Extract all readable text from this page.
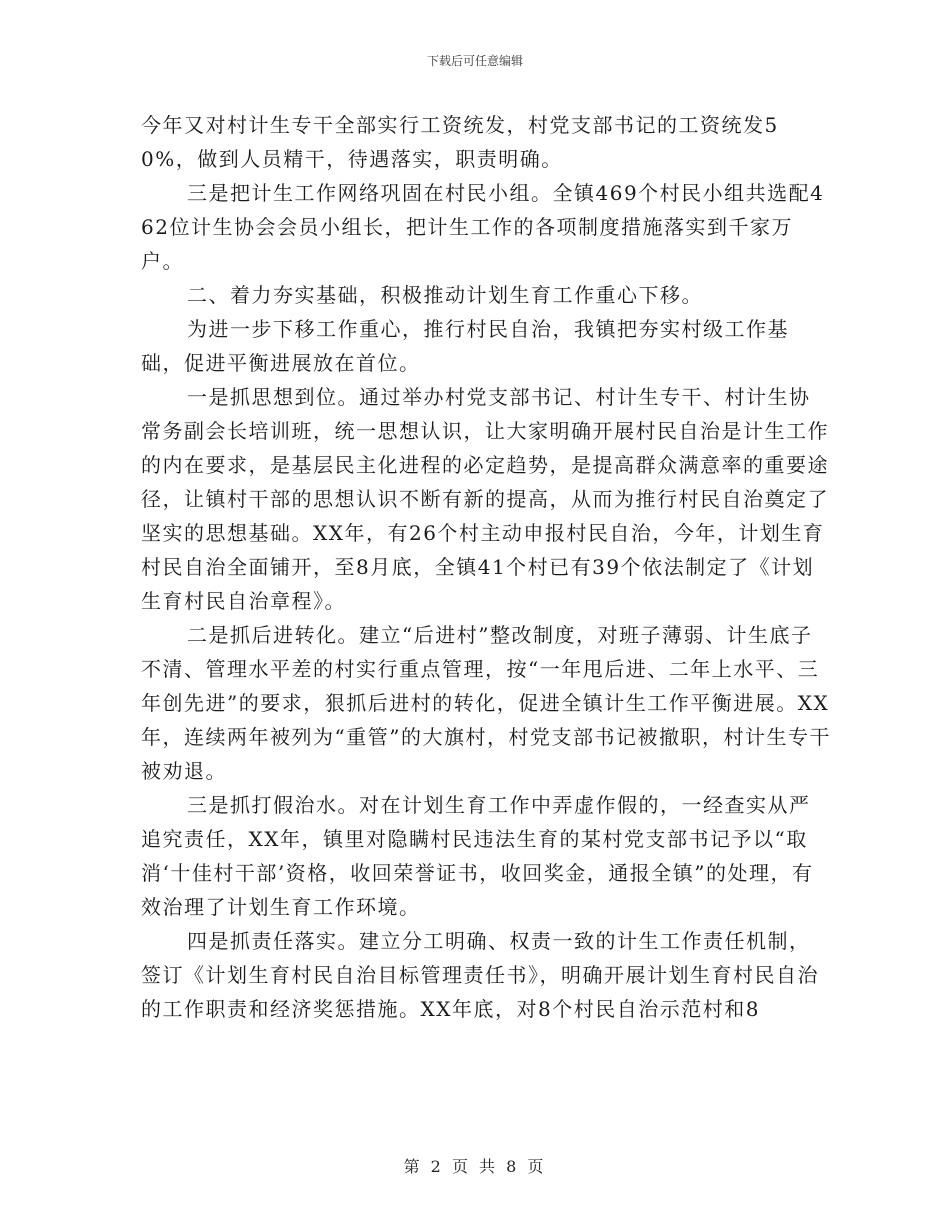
下载后可任意编辑

今年又对村计生专干全部实行工资统发，村党支部书记的工资统发50%，做到人员精干，待遇落实，职责明确。

三是把计生工作网络巩固在村民小组。全镇469个村民小组共选配462位计生协会会员小组长，把计生工作的各项制度措施落实到千家万户。

二、着力夯实基础，积极推动计划生育工作重心下移。

为进一步下移工作重心，推行村民自治，我镇把夯实村级工作基础，促进平衡进展放在首位。

一是抓思想到位。通过举办村党支部书记、村计生专干、村计生协常务副会长培训班，统一思想认识，让大家明确开展村民自治是计生工作的内在要求，是基层民主化进程的必定趋势，是提高群众满意率的重要途径，让镇村干部的思想认识不断有新的提高，从而为推行村民自治奠定了坚实的思想基础。XX年，有26个村主动申报村民自治，今年，计划生育村民自治全面铺开，至8月底，全镇41个村已有39个依法制定了《计划生育村民自治章程》。

二是抓后进转化。建立“后进村”整改制度，对班子薄弱、计生底子不清、管理水平差的村实行重点管理，按“一年甩后进、二年上水平、三年创先进”的要求，狠抓后进村的转化，促进全镇计生工作平衡进展。XX年，连续两年被列为“重管”的大旗村，村党支部书记被撤职，村计生专干被劝退。

三是抓打假治水。对在计划生育工作中弄虚作假的，一经查实从严追究责任，XX年，镇里对隐瞒村民违法生育的某村党支部书记予以“取消‘十佳村干部’资格，收回荣誉证书，收回奖金，通报全镇”的处理，有效治理了计划生育工作环境。

四是抓责任落实。建立分工明确、权责一致的计生工作责任机制，签订《计划生育村民自治目标管理责任书》，明确开展计划生育村民自治的工作职责和经济奖惩措施。XX年底，对8个村民自治示范村和8

第 2 页 共 8 页
